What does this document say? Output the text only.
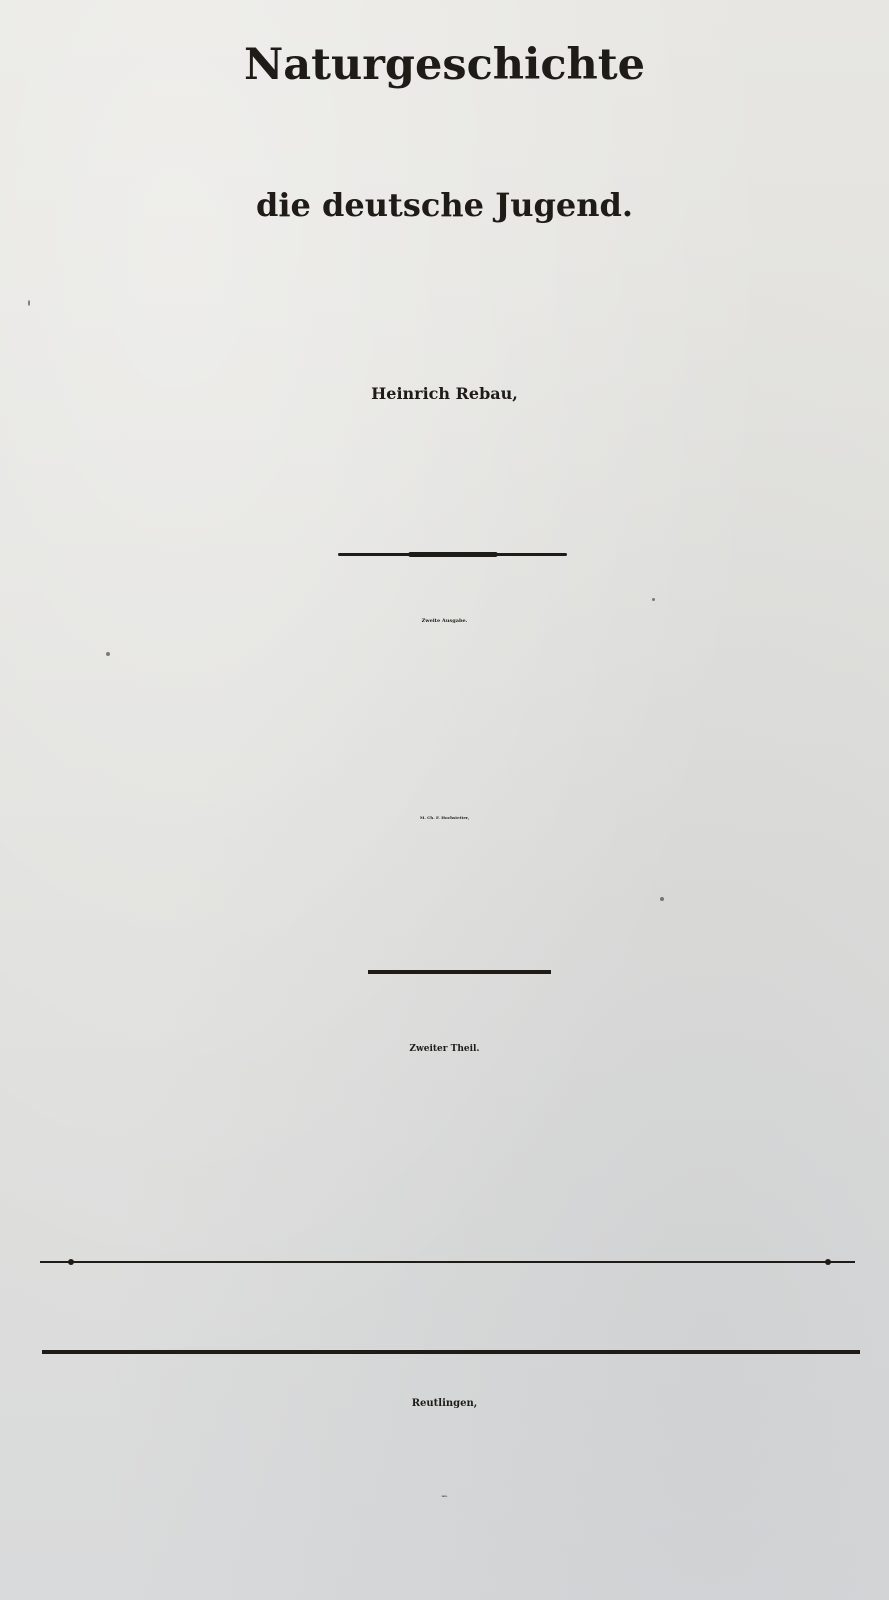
Naturgeschichte
die deutsche Jugend.
Heinrich Rebau,
Zweite Ausgabe.
M. Ch. F. Hochstetter,
Zweiter Theil.
Reutlingen,
1829.
